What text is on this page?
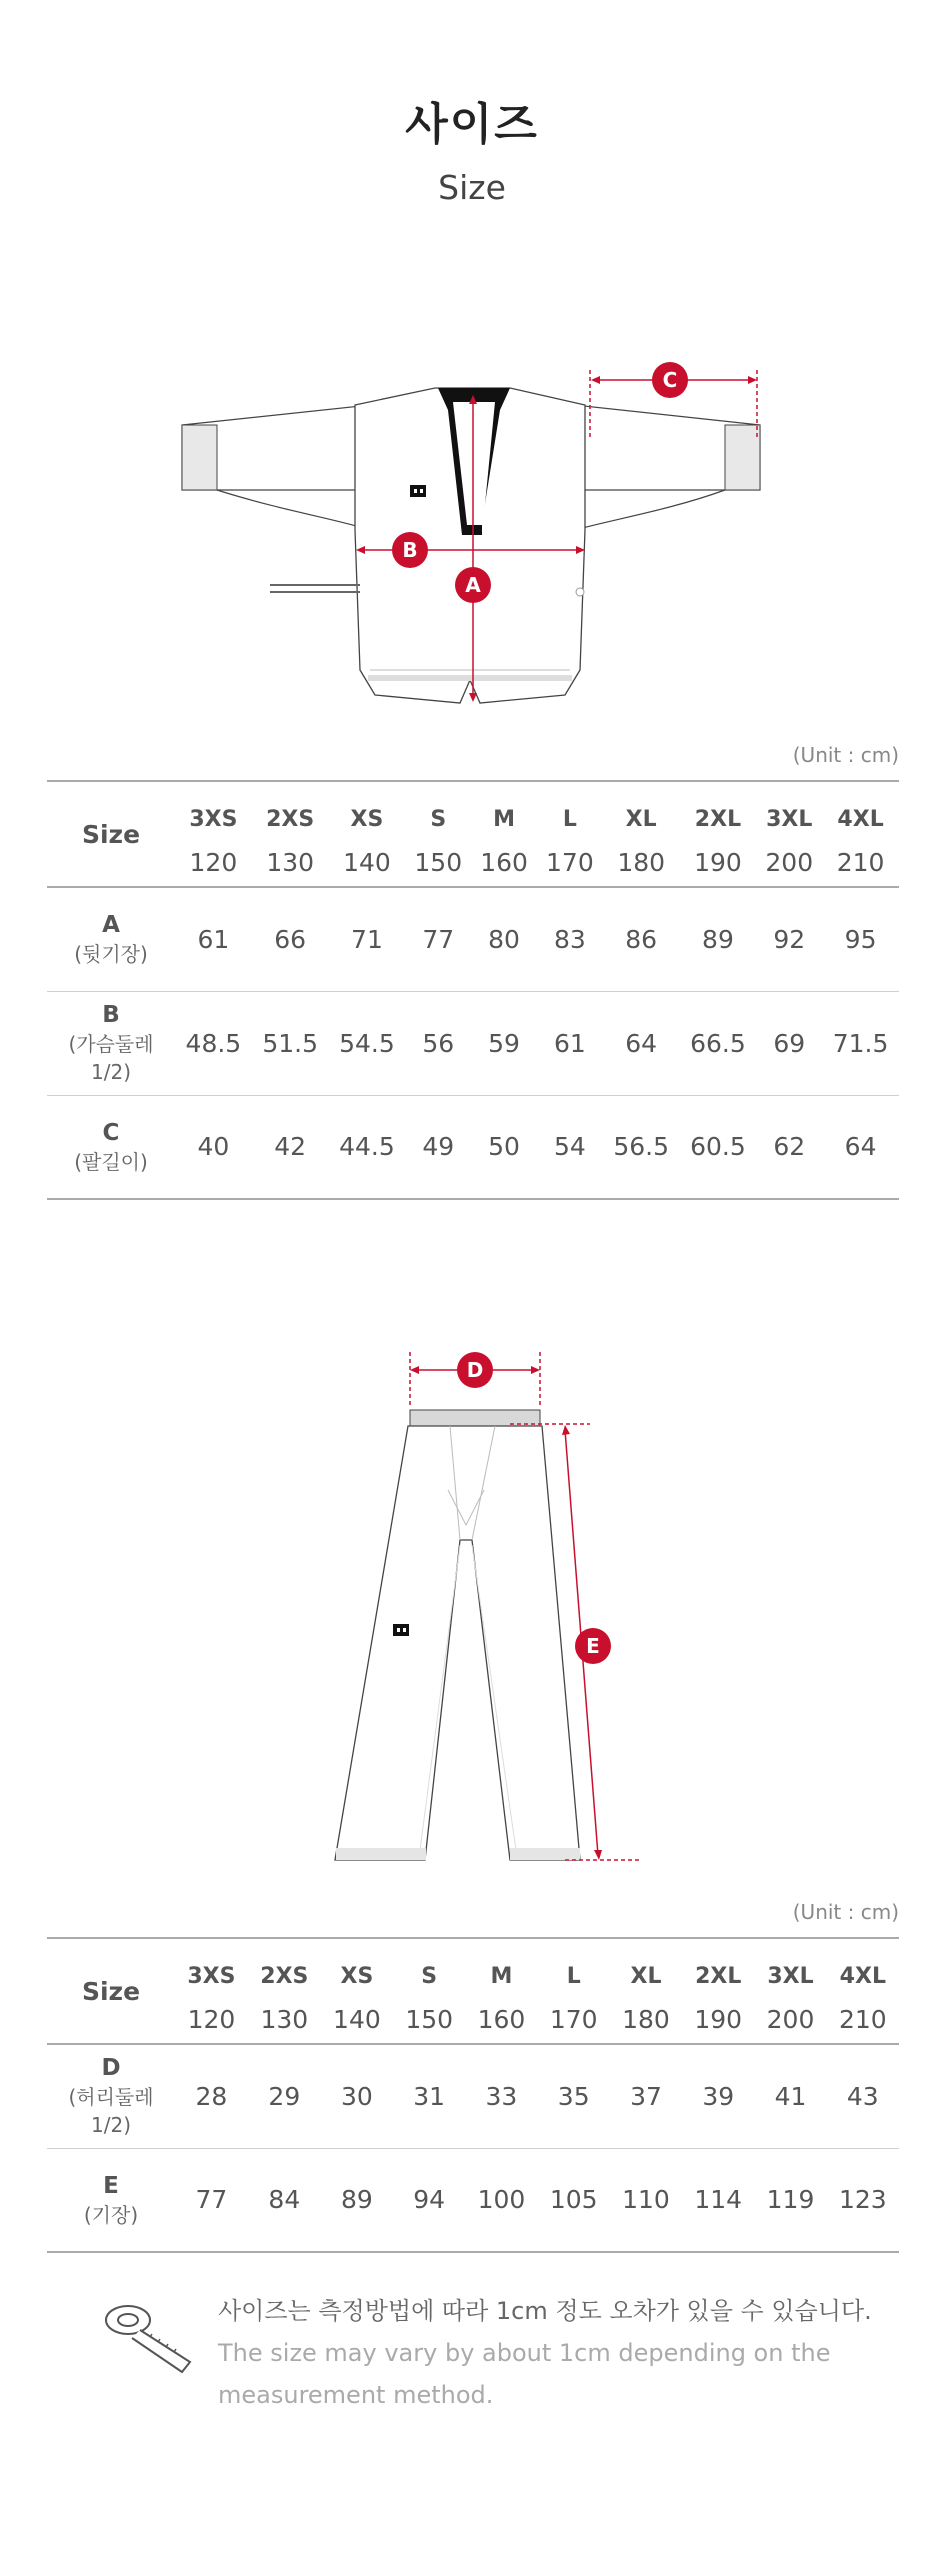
사이즈
Size
A
B
C
(Unit : cm)
Size	3XS	2XS	XS	S	M	L	XL	2XL	3XL	4XL
	120	130	140	150	160	170	180	190	200	210

A
(뒷기장)	61	66	71	77	80	83	86	89	92	95

B
(가슴둘레 1/2)	48.5	51.5	54.5	56	59	61	64	66.5	69	71.5

C
(팔길이)	40	42	44.5	49	50	54	56.5	60.5	62	64
D
E
(Unit : cm)
Size	3XS	2XS	XS	S	M	L	XL	2XL	3XL	4XL
	120	130	140	150	160	170	180	190	200	210

D
(허리둘레 1/2)	28	29	30	31	33	35	37	39	41	43

E
(기장)	77	84	89	94	100	105	110	114	119	123
사이즈는 측정방법에 따라 1cm 정도 오차가 있을 수 있습니다.
The size may vary by about 1cm depending on the
measurement method.
